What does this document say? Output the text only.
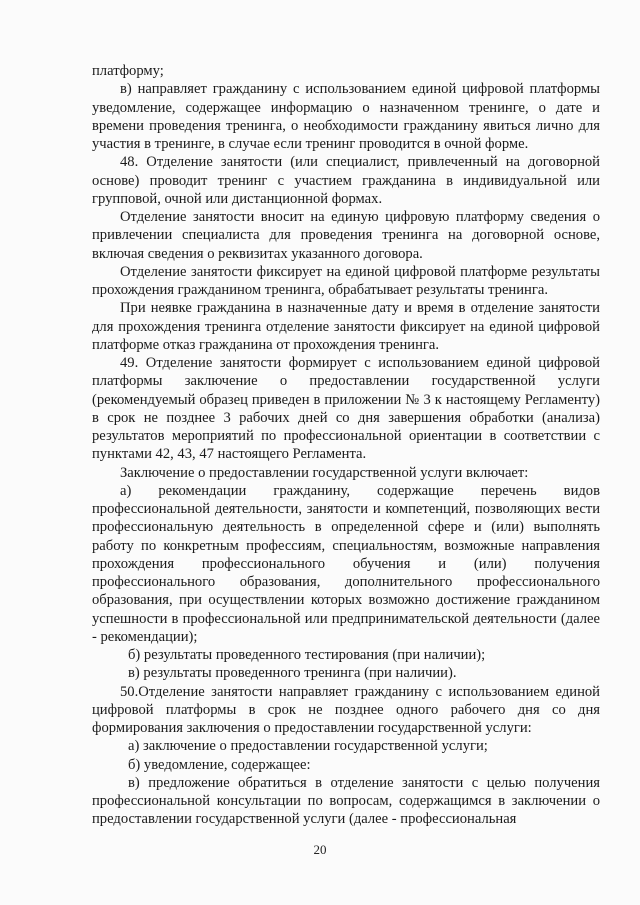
платформу;

в) направляет гражданину с использованием единой цифровой платформы уведомление, содержащее информацию о назначенном тренинге, о дате и времени проведения тренинга, о необходимости гражданину явиться лично для участия в тренинге, в случае если тренинг проводится в очной форме.

48. Отделение занятости (или специалист, привлеченный на договорной основе) проводит тренинг с участием гражданина в индивидуальной или групповой, очной или дистанционной формах.

Отделение занятости вносит на единую цифровую платформу сведения о привлечении специалиста для проведения тренинга на договорной основе, включая сведения о реквизитах указанного договора.

Отделение занятости фиксирует на единой цифровой платформе результаты прохождения гражданином тренинга, обрабатывает результаты тренинга.

При неявке гражданина в назначенные дату и время в отделение занятости для прохождения тренинга отделение занятости фиксирует на единой цифровой платформе отказ гражданина от прохождения тренинга.

49. Отделение занятости формирует с использованием единой цифровой платформы заключение о предоставлении государственной услуги (рекомендуемый образец приведен в приложении № 3 к настоящему Регламенту) в срок не позднее 3 рабочих дней со дня завершения обработки (анализа) результатов мероприятий по профессиональной ориентации в соответствии с пунктами 42, 43, 47 настоящего Регламента.

Заключение о предоставлении государственной услуги включает:

а) рекомендации гражданину, содержащие перечень видов профессиональной деятельности, занятости и компетенций, позволяющих вести профессиональную деятельность в определенной сфере и (или) выполнять работу по конкретным профессиям, специальностям, возможные направления прохождения профессионального обучения и (или) получения профессионального образования, дополнительного профессионального образования, при осуществлении которых возможно достижение гражданином успешности в профессиональной или предпринимательской деятельности (далее - рекомендации);

б) результаты проведенного тестирования (при наличии);

в) результаты проведенного тренинга (при наличии).

50.Отделение занятости направляет гражданину с использованием единой цифровой платформы в срок не позднее одного рабочего дня со дня формирования заключения о предоставлении государственной услуги:

а) заключение о предоставлении государственной услуги;

б) уведомление, содержащее:

в) предложение обратиться в отделение занятости с целью получения профессиональной консультации по вопросам, содержащимся в заключении о предоставлении государственной услуги (далее - профессиональная

20
